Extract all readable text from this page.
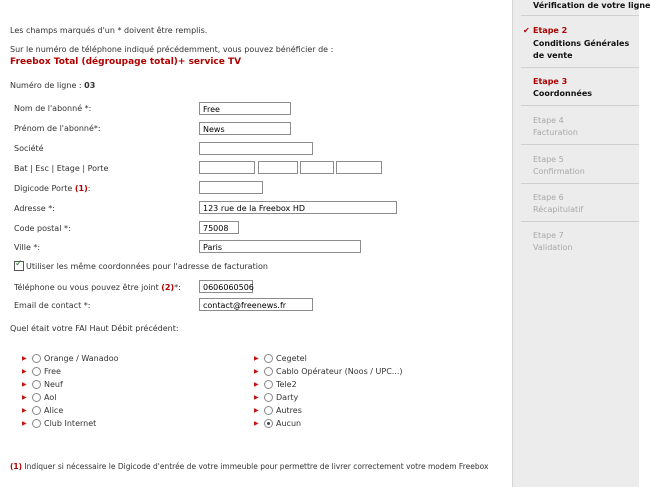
Les champs marqués d'un * doivent être remplis.
Sur le numéro de téléphone indiqué précédemment, vous pouvez bénéficier de :
Freebox Total (dégroupage total)+ service TV
Numéro de ligne : 03
Nom de l'abonné *:	Free
Prénom de l'abonné*:	News
Société
Bat | Esc | Etage | Porte
Digicode Porte (1):
Adresse *:	123 rue de la Freebox HD
Code postal *:	75008
Ville *:	Paris
✓
Utiliser les même coordonnées pour l'adresse de facturation
Téléphone ou vous pouvez être joint (2)*:	0606060506
Email de contact *:	contact@freenews.fr
Quel était votre FAI Haut Débit précédent:
▶	Orange / Wanadoo
▶	Free
▶	Neuf
▶	Aol
▶	Alice
▶	Club Internet
▶	Cegetel
▶	Cablo Opérateur (Noos / UPC...)
▶	Tele2
▶	Darty
▶	Autres
▶	Aucun
(1) Indiquer si nécessaire le Digicode d'entrée de votre immeuble pour permettre de livrer correctement votre modem Freebox
Vérification de votre ligne
✔ Etape 2
Conditions Générales de vente
Etape 3
Coordonnées
Etape 4
Facturation
Etape 5
Confirmation
Etape 6
Récapitulatif
Etape 7
Validation
